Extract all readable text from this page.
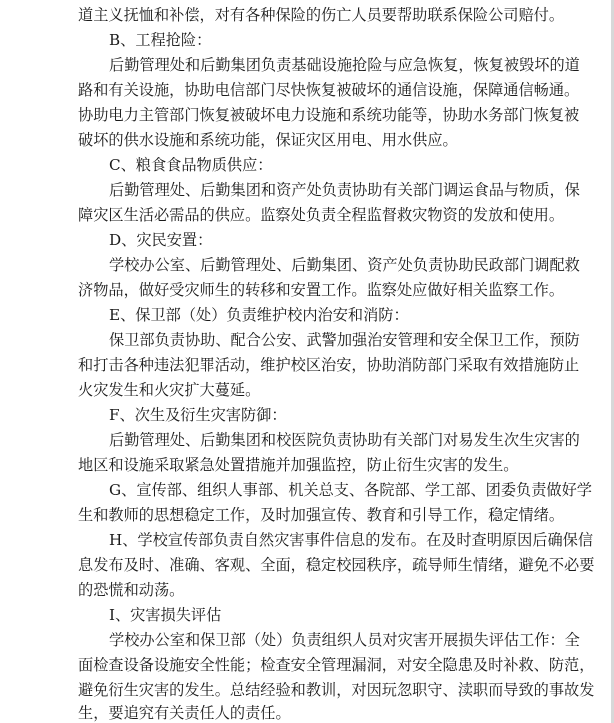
道主义抚恤和补偿，对有各种保险的伤亡人员要帮助联系保险公司赔付。
B、工程抢险：
后勤管理处和后勤集团负责基础设施抢险与应急恢复，恢复被毁坏的道
路和有关设施，协助电信部门尽快恢复被破坏的通信设施，保障通信畅通。
协助电力主管部门恢复被破坏电力设施和系统功能等，协助水务部门恢复被
破坏的供水设施和系统功能，保证灾区用电、用水供应。
C、粮食食品物质供应：
后勤管理处、后勤集团和资产处负责协助有关部门调运食品与物质，保
障灾区生活必需品的供应。监察处负责全程监督救灾物资的发放和使用。
D、灾民安置：
学校办公室、后勤管理处、后勤集团、资产处负责协助民政部门调配救
济物品，做好受灾师生的转移和安置工作。监察处应做好相关监察工作。
E、保卫部（处）负责维护校内治安和消防：
保卫部负责协助、配合公安、武警加强治安管理和安全保卫工作，预防
和打击各种违法犯罪活动，维护校区治安，协助消防部门采取有效措施防止
火灾发生和火灾扩大蔓延。
F、次生及衍生灾害防御：
后勤管理处、后勤集团和校医院负责协助有关部门对易发生次生灾害的
地区和设施采取紧急处置措施并加强监控，防止衍生灾害的发生。
G、宣传部、组织人事部、机关总支、各院部、学工部、团委负责做好学
生和教师的思想稳定工作，及时加强宣传、教育和引导工作，稳定情绪。
H、学校宣传部负责自然灾害事件信息的发布。在及时查明原因后确保信
息发布及时、准确、客观、全面，稳定校园秩序，疏导师生情绪，避免不必要
的恐慌和动荡。
I、灾害损失评估
学校办公室和保卫部（处）负责组织人员对灾害开展损失评估工作：全
面检查设备设施安全性能；检查安全管理漏洞，对安全隐患及时补救、防范，
避免衍生灾害的发生。总结经验和教训，对因玩忽职守、渎职而导致的事故发
生，要追究有关责任人的责任。
